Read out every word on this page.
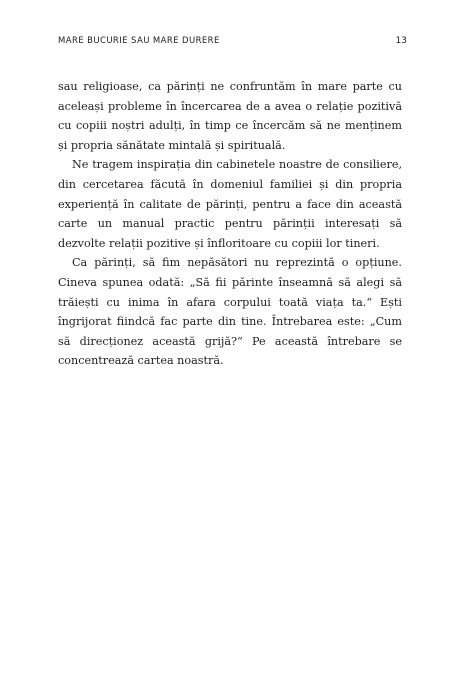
MARE BUCURIE SAU MARE DURERE	13

sau religioase, ca părinți ne confruntăm în mare parte cu aceleași probleme în încercarea de a avea o relație pozitivă cu copiii noștri adulți, în timp ce încercăm să ne menținem și propria sănătate mintală și spirituală.

Ne tragem inspirația din cabinetele noastre de consiliere, din cercetarea făcută în domeniul familiei și din propria experiență în calitate de părinți, pentru a face din această carte un manual practic pentru părinții interesați să dezvolte relații pozitive și înfloritoare cu copiii lor tineri.

Ca părinți, să fim nepăsători nu reprezintă o opțiune. Cineva spunea odată: „Să fii părinte înseamnă să alegi să trăiești cu inima în afara corpului toată viața ta.“ Ești îngrijorat fiindcă fac parte din tine. Întrebarea este: „Cum să direcționez această grijă?“ Pe această întrebare se concentrează cartea noastră.
